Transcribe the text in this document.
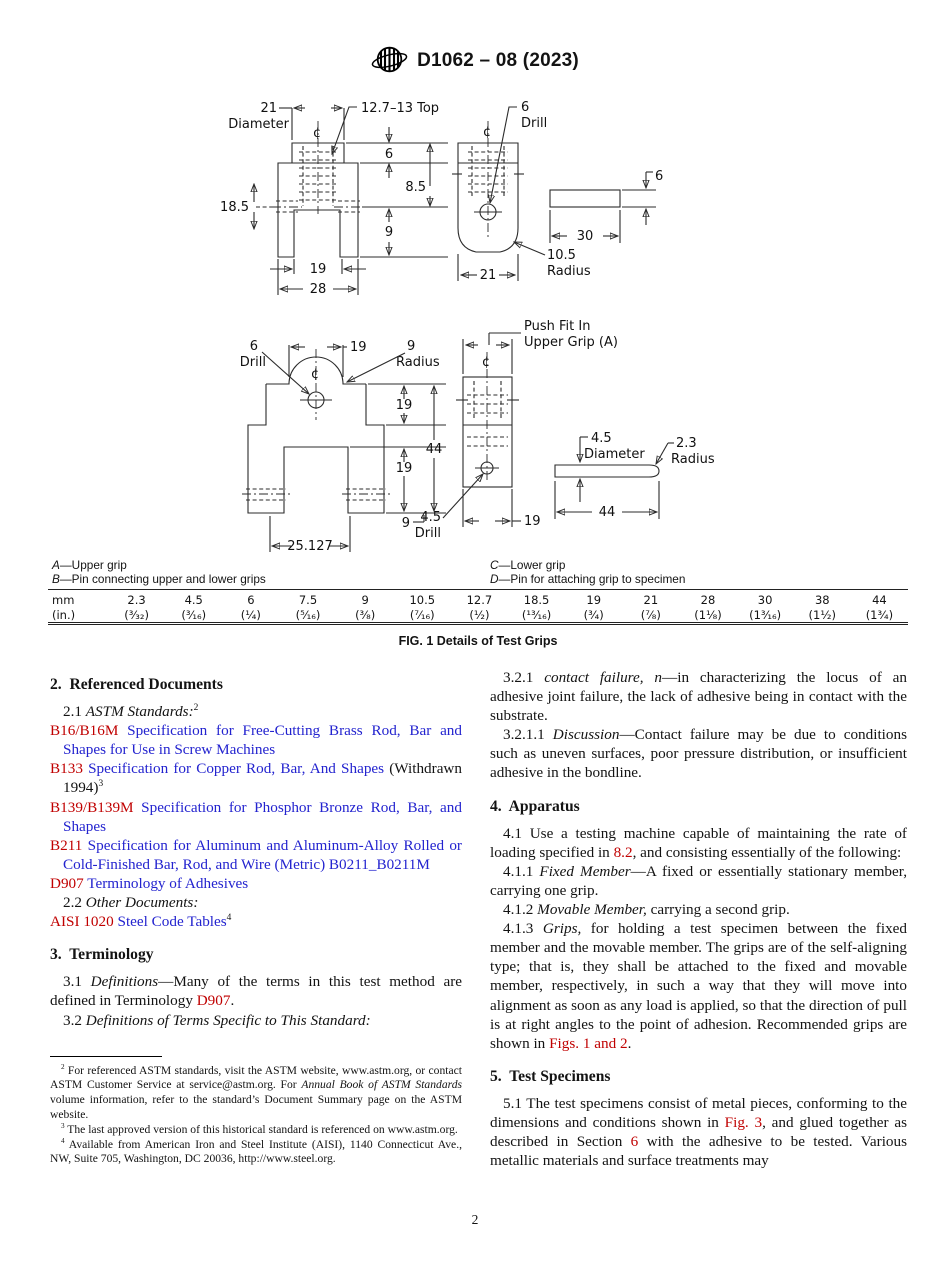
D1062 – 08 (2023)
¢
21
Diameter
12.7–13 Top
6
8.5
9
18.5
19
28
¢
6
Drill
10.5
Radius
21
30
6
¢
19
6
Drill
9
Radius
19
19
44
9
25.127
¢
Push Fit In
Upper Grip (A)
4.5
Drill
19
4.5
Diameter
2.3
Radius
44
A—Upper grip
B—Pin connecting upper and lower grips
C—Lower grip
D—Pin for attaching grip to specimen
mm	2.3	4.5	6	7.5	9	10.5	12.7	18.5	19	21	28	30	38	44
(in.)	(³⁄₃₂)	(³⁄₁₆)	(¹⁄₄)	(⁵⁄₁₆)	(³⁄₈)	(⁷⁄₁₆)	(¹⁄₂)	(¹³⁄₁₆)	(³⁄₄)	(⁷⁄₈)	(1¹⁄₈)	(1³⁄₁₆)	(1¹⁄₂)	(1³⁄₄)
FIG. 1 Details of Test Grips

2.  Referenced Documents

2.1 ASTM Standards:$^2$

B16/B16M Specification for Free-Cutting Brass Rod, Bar and Shapes for Use in Screw Machines

B133 Specification for Copper Rod, Bar, And Shapes (Withdrawn 1994)$^3$

B139/B139M Specification for Phosphor Bronze Rod, Bar, and Shapes

B211 Specification for Aluminum and Aluminum-Alloy Rolled or Cold-Finished Bar, Rod, and Wire (Metric) B0211_B0211M

D907 Terminology of Adhesives

2.2 Other Documents:

AISI 1020 Steel Code Tables$^4$

3.  Terminology

3.1 Definitions—Many of the terms in this test method are defined in Terminology D907.

3.2 Definitions of Terms Specific to This Standard:

$^2$ For referenced ASTM standards, visit the ASTM website, www.astm.org, or contact ASTM Customer Service at service@astm.org. For Annual Book of ASTM Standards volume information, refer to the standard’s Document Summary page on the ASTM website.

$^3$ The last approved version of this historical standard is referenced on www.astm.org.

$^4$ Available from American Iron and Steel Institute (AISI), 1140 Connecticut Ave., NW, Suite 705, Washington, DC 20036, http://www.steel.org.

3.2.1 contact failure, n—in characterizing the locus of an adhesive joint failure, the lack of adhesive being in contact with the substrate.

3.2.1.1 Discussion—Contact failure may be due to conditions such as uneven surfaces, poor pressure distribution, or insufficient adhesive in the bondline.

4.  Apparatus

4.1 Use a testing machine capable of maintaining the rate of loading specified in 8.2, and consisting essentially of the following:

4.1.1 Fixed Member—A fixed or essentially stationary member, carrying one grip.

4.1.2 Movable Member, carrying a second grip.

4.1.3 Grips, for holding a test specimen between the fixed member and the movable member. The grips are of the self-aligning type; that is, they shall be attached to the fixed and movable member, respectively, in such a way that they will move into alignment as soon as any load is applied, so that the direction of pull is at right angles to the point of adhesion. Recommended grips are shown in Figs. 1 and 2.

5.  Test Specimens

5.1 The test specimens consist of metal pieces, conforming to the dimensions and conditions shown in Fig. 3, and glued together as described in Section 6 with the adhesive to be tested. Various metallic materials and surface treatments may

2
